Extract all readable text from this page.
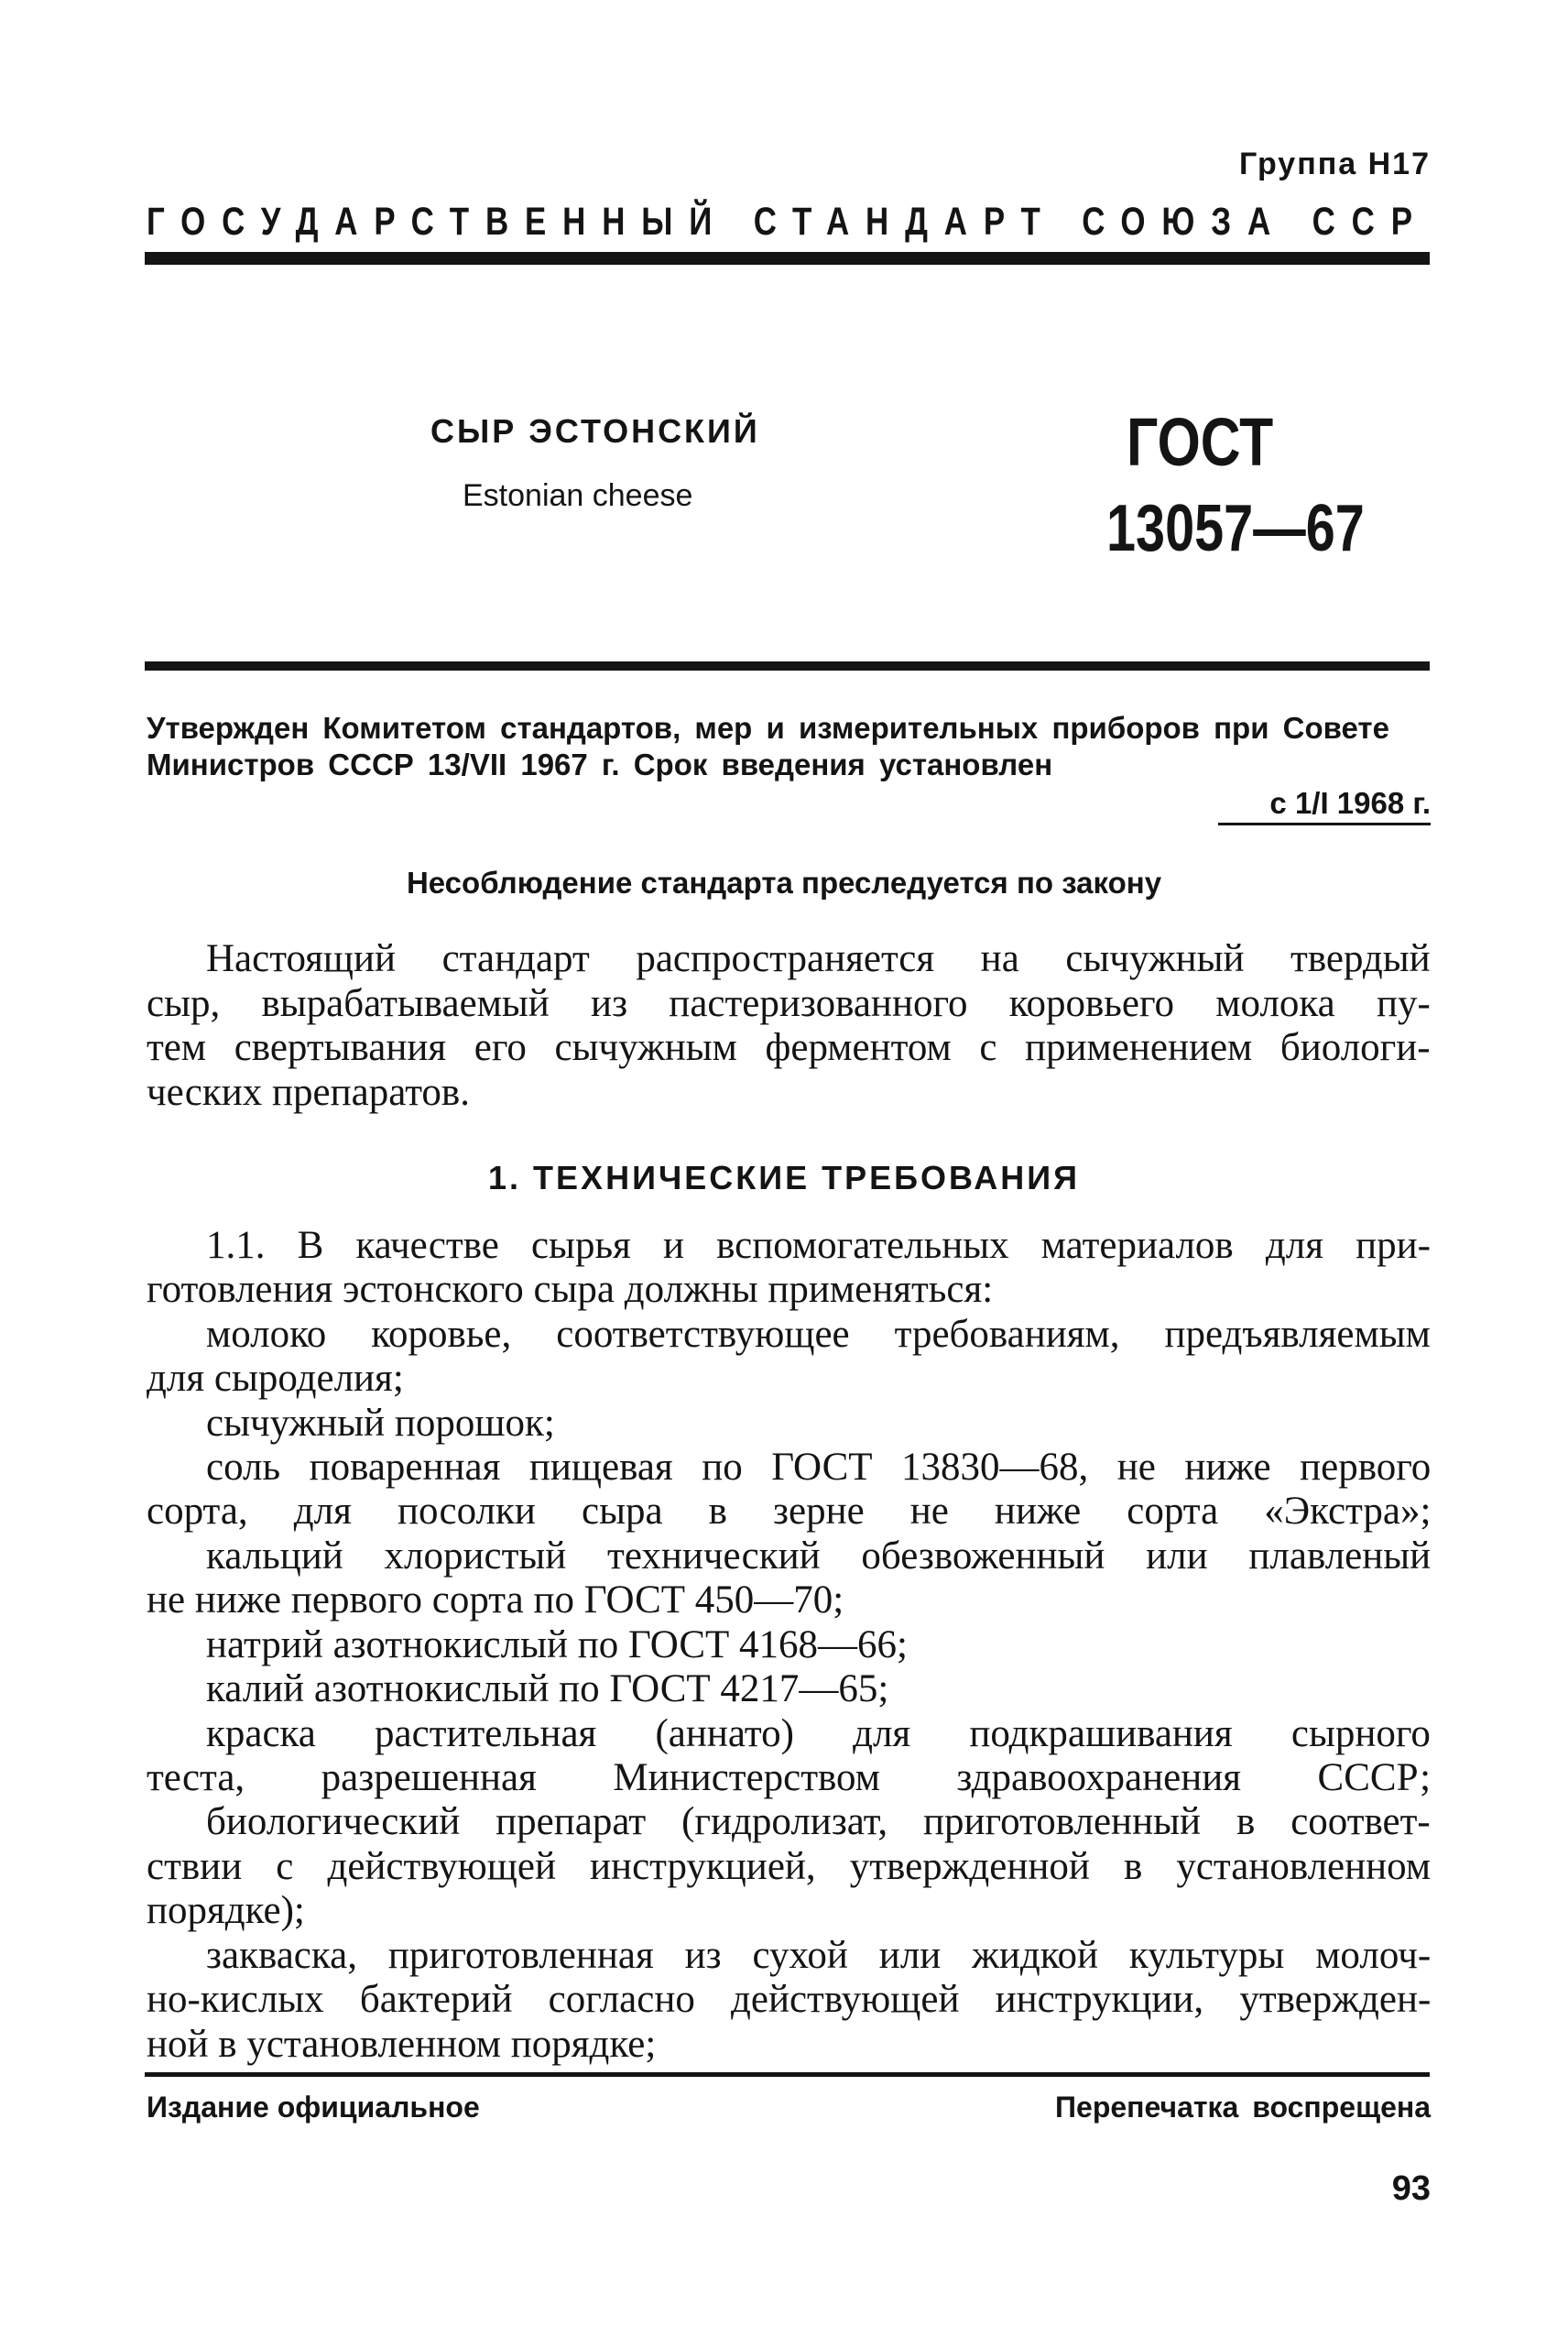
Группа Н17
ГОСУДАРСТВЕННЫЙ СТАНДАРТ СОЮЗА ССР
СЫР ЭСТОНСКИЙ
Estonian cheese
ГОСТ
13057—67
Утвержден Комитетом стандартов, мер и измерительных приборов при Совете
Министров СССР 13/VII 1967 г. Срок введения установлен
с 1/I 1968 г.
Несоблюдение стандарта преследуется по закону
Настоящий стандарт распространяется на сычужный твердый
сыр, вырабатываемый из пастеризованного коровьего молока пу-
тем свертывания его сычужным ферментом с применением биологи-
ческих препаратов.
1. ТЕХНИЧЕСКИЕ ТРЕБОВАНИЯ
1.1. В качестве сырья и вспомогательных материалов для при-
готовления эстонского сыра должны применяться:
молоко коровье, соответствующее требованиям, предъявляемым
для сыроделия;
сычужный порошок;
соль поваренная пищевая по ГОСТ 13830—68, не ниже первого
сорта, для посолки сыра в зерне не ниже сорта «Экстра»;
кальций хлористый технический обезвоженный или плавленый
не ниже первого сорта по ГОСТ 450—70;
натрий азотнокислый по ГОСТ 4168—66;
калий азотнокислый по ГОСТ 4217—65;
краска растительная (аннато) для подкрашивания сырного
теста, разрешенная Министерством здравоохранения СССР;
биологический препарат (гидролизат, приготовленный в соответ-
ствии с действующей инструкцией, утвержденной в установленном
порядке);
закваска, приготовленная из сухой или жидкой культуры молоч-
но-кислых бактерий согласно действующей инструкции, утвержден-
ной в установленном порядке;
Издание официальное	Перепечатка воспрещена
93
